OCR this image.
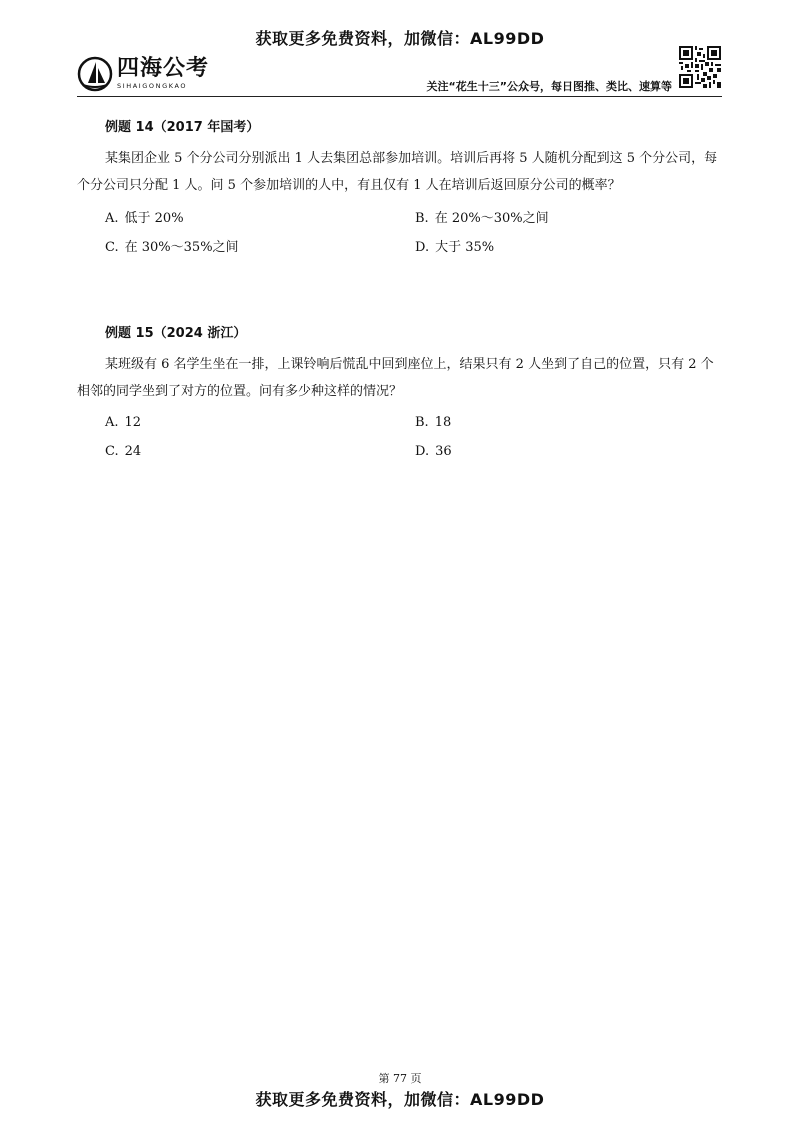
获取更多免费资料，加微信：AL99DD
四海公考
SIHAIGONGKAO	关注“花生十三”公众号，每日图推、类比、速算等
例题 14（2017 年国考）
某集团企业 5 个分公司分别派出 1 人去集团总部参加培训。培训后再将 5 人随机分配到这 5 个分公司，每个分公司只分配 1 人。问 5 个参加培训的人中，有且仅有 1 人在培训后返回原分公司的概率？
A. 低于 20%	B. 在 20%～30%之间
C. 在 30%～35%之间	D. 大于 35%
例题 15（2024 浙江）
某班级有 6 名学生坐在一排，上课铃响后慌乱中回到座位上，结果只有 2 人坐到了自己的位置，只有 2 个相邻的同学坐到了对方的位置。问有多少种这样的情况？
A. 12	B. 18
C. 24	D. 36
第 77 页
获取更多免费资料，加微信：AL99DD
